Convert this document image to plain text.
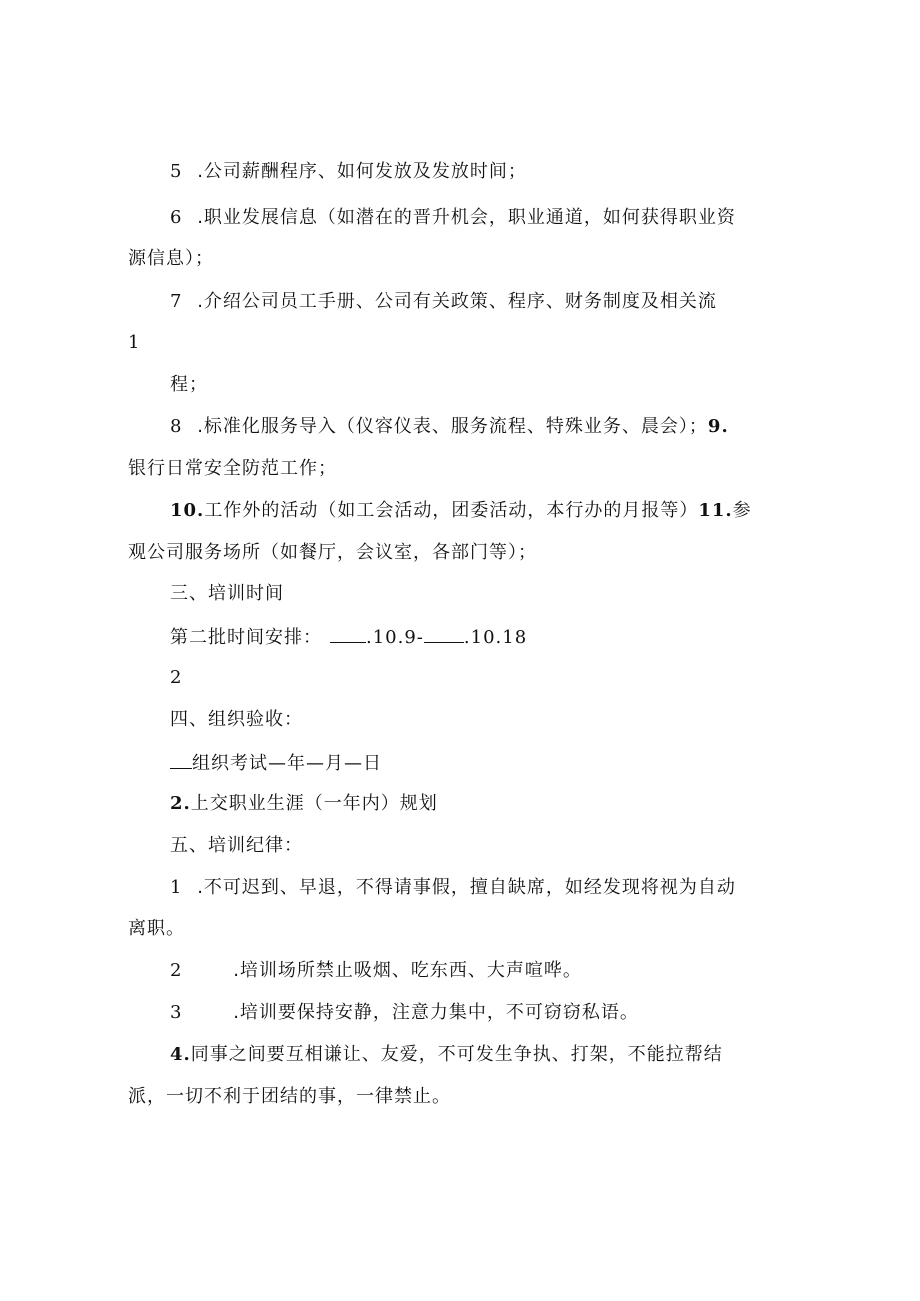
5 .公司薪酬程序、如何发放及发放时间；
6 .职业发展信息（如潜在的晋升机会，职业通道，如何获得职业资
源信息）；
7 .介绍公司员工手册、公司有关政策、程序、财务制度及相关流
1
程；
8 .标准化服务导入（仪容仪表、服务流程、特殊业务、晨会）；9.
银行日常安全防范工作；
10.工作外的活动（如工会活动，团委活动，本行办的月报等）11.参
观公司服务场所（如餐厅，会议室，各部门等）；
三、培训时间
第二批时间安排： .10.9- .10.18
2
四、组织验收：
组织考试—年—月—日
2.上交职业生涯（一年内）规划
五、培训纪律：
1 .不可迟到、早退，不得请事假，擅自缺席，如经发现将视为自动
离职。
2	.培训场所禁止吸烟、吃东西、大声喧哗。
3	.培训要保持安静，注意力集中，不可窃窃私语。
4.同事之间要互相谦让、友爱，不可发生争执、打架，不能拉帮结
派，一切不利于团结的事，一律禁止。
